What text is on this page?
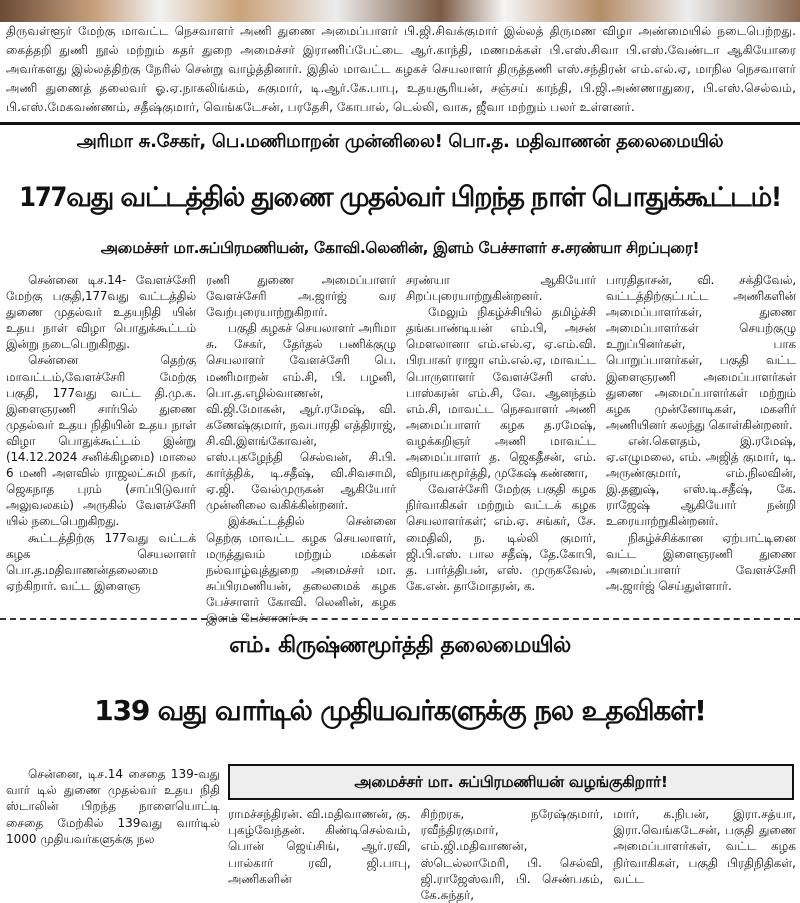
திருவள்ளூர் மேற்கு மாவட்ட நெசவாளர் அணி துணை அமைப்பாளர் பி.ஜி.சிவக்குமார் இல்லத் திருமண விழா அண்மையில் நடைபெற்றது. கைத்தறி துணி நூல் மற்றும் கதர் துறை அமைச்சர் இராணிப்பேட்டை ஆர்.காந்தி, மணமக்கள் பி.எஸ்.சிவா பி.எஸ்.வேண்டா ஆகியோரை அவர்களது இல்லத்திற்கு நேரில் சென்று வாழ்த்தினார். இதில் மாவட்ட கழகச் செயலாளர் திருத்தணி எஸ்.சந்திரன் எம்.எல்.ஏ, மாநில நெசவாளர் அணி துணைத் தலைவர் ஓ.ஏ.நாகலிங்கம், சுகுமார், டி.ஆர்.கே.பாபு, உதயசூரியன், சஞ்சய் காந்தி, பி.ஜி.அண்ணாதுரை, பி.எஸ்.செல்வம், பி.எஸ்.மேகவண்ணம், சதீஷ்குமார், வெங்கடேசன், பரதேசி, கோபால், டெல்லி, வாசு, ஜீவா மற்றும் பலர் உள்ளனர்.
அரிமா சு.சேகர், பெ.மணிமாறன் முன்னிலை! பொ.த. மதிவாணன் தலைமையில்
177வது வட்டத்தில் துணை முதல்வர் பிறந்த நாள் பொதுக்கூட்டம்!
அமைச்சர் மா.சுப்பிரமணியன், கோவி.லெனின், இளம் பேச்சாளர் ச.சரண்யா சிறப்புரை!

சென்னை டிச.14- வேளச்சேரி மேற்கு பகுதி,177வது வட்டத்தில் துணை முதல்வர் உதயநிதி யின் உதய நாள் விழா பொதுக்கூட்டம் இன்று நடைபெறுகிறது.

சென்னை தெற்கு மாவட்டம்,வேளச்சேரி மேற்கு பகுதி, 177வது வட்ட தி.மு.க. இளைஞரணி சார்பில் துணை முதல்வர் உதய நிதியின் உதய நாள் விழா பொதுக்கூட்டம் இன்று (14.12.2024 சனிக்கிழமை) மாலை 6 மணி அளவில் ராஜலட்சுமி நகர், ஜெகநாத புரம் (சாப்பிடுவார் அலுவலகம்) அருகில் வேளச்சேரி யில் நடைபெறுகிறது.

கூட்டத்திற்கு 177வது வட்டக் கழக செயலாளர் பொ.த.மதிவாணன்தலைமை ஏற்கிறார். வட்ட இளைஞ

ரணி துணை அமைப்பாளர் வேளச்சேரி அ.ஜார்ஜ் வர வேற்புரையாற்றுகிறார்.

பகுதி கழகச் செயலாளர் அரிமா சு. சேகர், தேர்தல் பணிக்குழு செயலாளர் வேளச்சேரி பெ. மணிமாறன் எம்.சி, பி. பழனி, பொ.த.எழில்வாணன், வி.ஜி.மோகன், ஆர்.ரமேஷ், வி. கணேஷ்குமார், நவபாரதி எத்திராஜ், சி.வி.இளங்கோவன், எஸ்.புகழேந்தி செல்வன், சி.பி. கார்த்திக், டி.சதீஷ், வி.சிவசாமி, ஏ.ஜி. வேல்முருகன் ஆகியோர் முன்னிலை வகிக்கின்றனர்.

இக்கூட்டத்தில் சென்னை தெற்கு மாவட்ட கழக செயலாளர், மருத்துவம் மற்றும் மக்கள் நல்வாழ்வுத்துறை அமைச்சர் மா. சுப்பிரமணியன், தலைமைக் கழக பேச்சாளர் கோவி. லெனின், கழக இளம் பேச்சாளர் ச.

சரண்யா ஆகியோர் சிறப்புரையாற்றுகின்றனர்.

மேலும் நிகழ்ச்சியில் தமிழ்ச்சி தங்கபாண்டியன் எம்.பி, அசன் மௌலானா எம்.எல்.ஏ, ஏ.எம்.வி. பிரபாகர் ராஜா எம்.எல்.ஏ, மாவட்ட பொருளாளர் வேளச்சேரி எஸ். பாஸ்கரன் எம்.சி, வே. ஆனந்தம் எம்.சி, மாவட்ட நெசவாளர் அணி அமைப்பாளர் கழக த.ரமேஷ், வழக்கறிஞர் அணி மாவட்ட அமைப்பாளர் த. ஜெகதீசன், எம். விநாயகமூர்த்தி, முகேஷ் கண்ணா,

வேளச்சேரி மேற்கு பகுதி கழக நிர்வாகிகள் மற்றும் வட்டக் கழக செயலாளர்கள்; எம்.ஏ. சங்கர், சே. மைதிலி, ந. டில்லி குமார், ஜி.பி.எஸ். பால சதீஷ், தே.கோபி, த. பார்த்திபன், எஸ். முருகவேல், கே.என். தாமோதரன், க.

பாரதிதாசன், வி. சக்திவேல், வட்டத்திற்குட்பட்ட அணிகளின் அமைப்பாளர்கள், துணை அமைப்பாளர்கள் செயற்குழு உறுப்பினர்கள், பாக பொறுப்பாளர்கள், பகுதி வட்ட இளைஞரணி அமைப்பாளர்கள் துணை அமைப்பாளர்கள் மற்றும் கழக முன்னோடிகள், மகளிர் அணியினர் கலந்து கொள்கின்றனர்.

என்.கௌதம், இ.ரமேஷ், ஏ.எழுமலை, எம். அஜித் குமார், டி. அருண்குமார், எம்.நிலவின், இ.தனுஷ், எஸ்.டி.சதீஷ், கே. ராஜேஷ் ஆகியோர் நன்றி உரையாற்றுகின்றனர்.

நிகழ்ச்சிக்கான ஏற்பாட்டினை வட்ட இளைஞரணி துணை அமைப்பாளர் வேளச்சேரி அ.ஜார்ஜ் செய்துள்ளார்.

எம். கிருஷ்ணமூர்த்தி தலைமையில்
139 வது வார்டில் முதியவர்களுக்கு நல உதவிகள்!

சென்னை, டிச.14 சைதை 139-வது வார் டில் துணை முதல்வர் உதய நிதி ஸ்டாலின் பிறந்த நாளையொட்டி சைதை மேற்கில் 139வது வார்டில் 1000 முதியவர்களுக்கு நல

அமைச்சர் மா. சுப்பிரமணியன் வழங்குகிறார்!
ராமச்சந்திரன். வி.மதிவாணன், கு. புகழ்வேந்தன். கிண்டிசெல்வம், பொன் ஜெய்சிங், ஆர்.ரவி, பால்கார் ரவி, ஜி.பாபு, அணிகளின்
சிற்றரசு, நரேஷ்குமார், ரவீந்திரகுமார், எம்.ஜி.மதிவாணன், ஸ்டெல்லாமேரி, பி. செல்வி, ஜி.ராஜேஸ்வரி, பி. செண்பகம், கே.சுந்தர்,
மார், க.நிபன், இரா.சத்யா, இரா.வெங்கடேசன், பகுதி துணை அமைப்பாளர்கள், வட்ட கழக நிர்வாகிகள், பகுதி பிரதிநிதிகள், வட்ட
